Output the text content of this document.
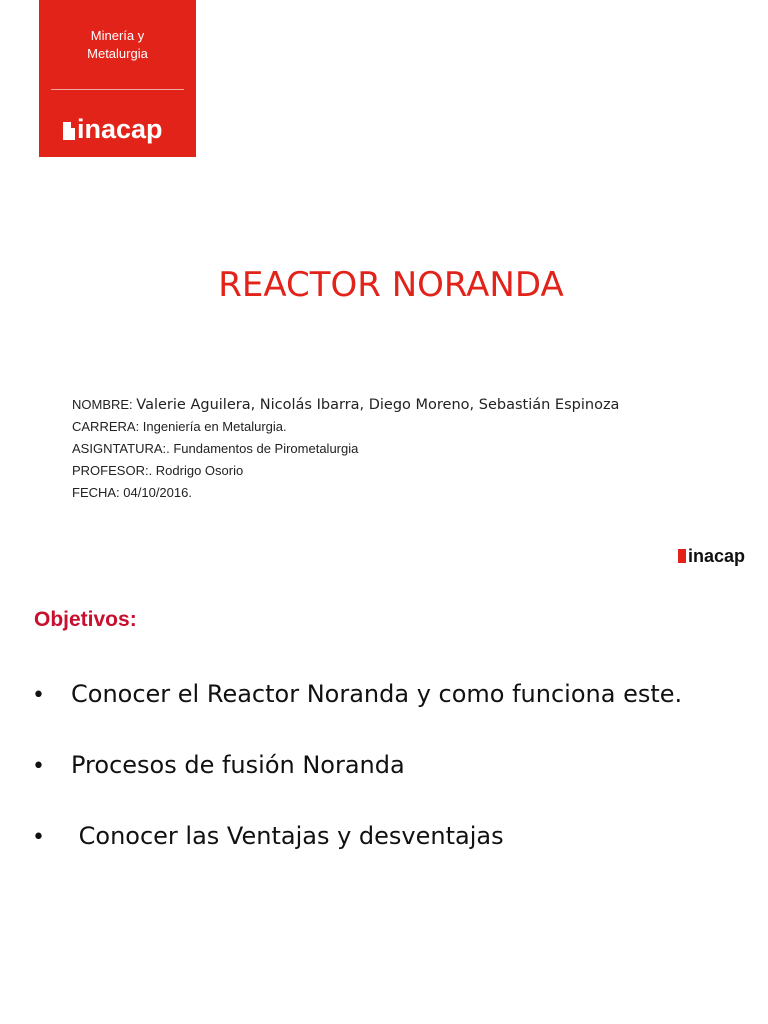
Minería y
Metalurgia
inacap
REACTOR NORANDA
NOMBRE: Valerie Aguilera, Nicolás Ibarra, Diego Moreno, Sebastián Espinoza
CARRERA: Ingeniería en Metalurgia.
ASIGNTATURA:. Fundamentos de Pirometalurgia
PROFESOR:. Rodrigo Osorio
FECHA: 04/10/2016.
inacap
Objetivos:
•	Conocer el Reactor Noranda y como funciona este.
•	Procesos de fusión Noranda
•	Conocer las Ventajas y desventajas
